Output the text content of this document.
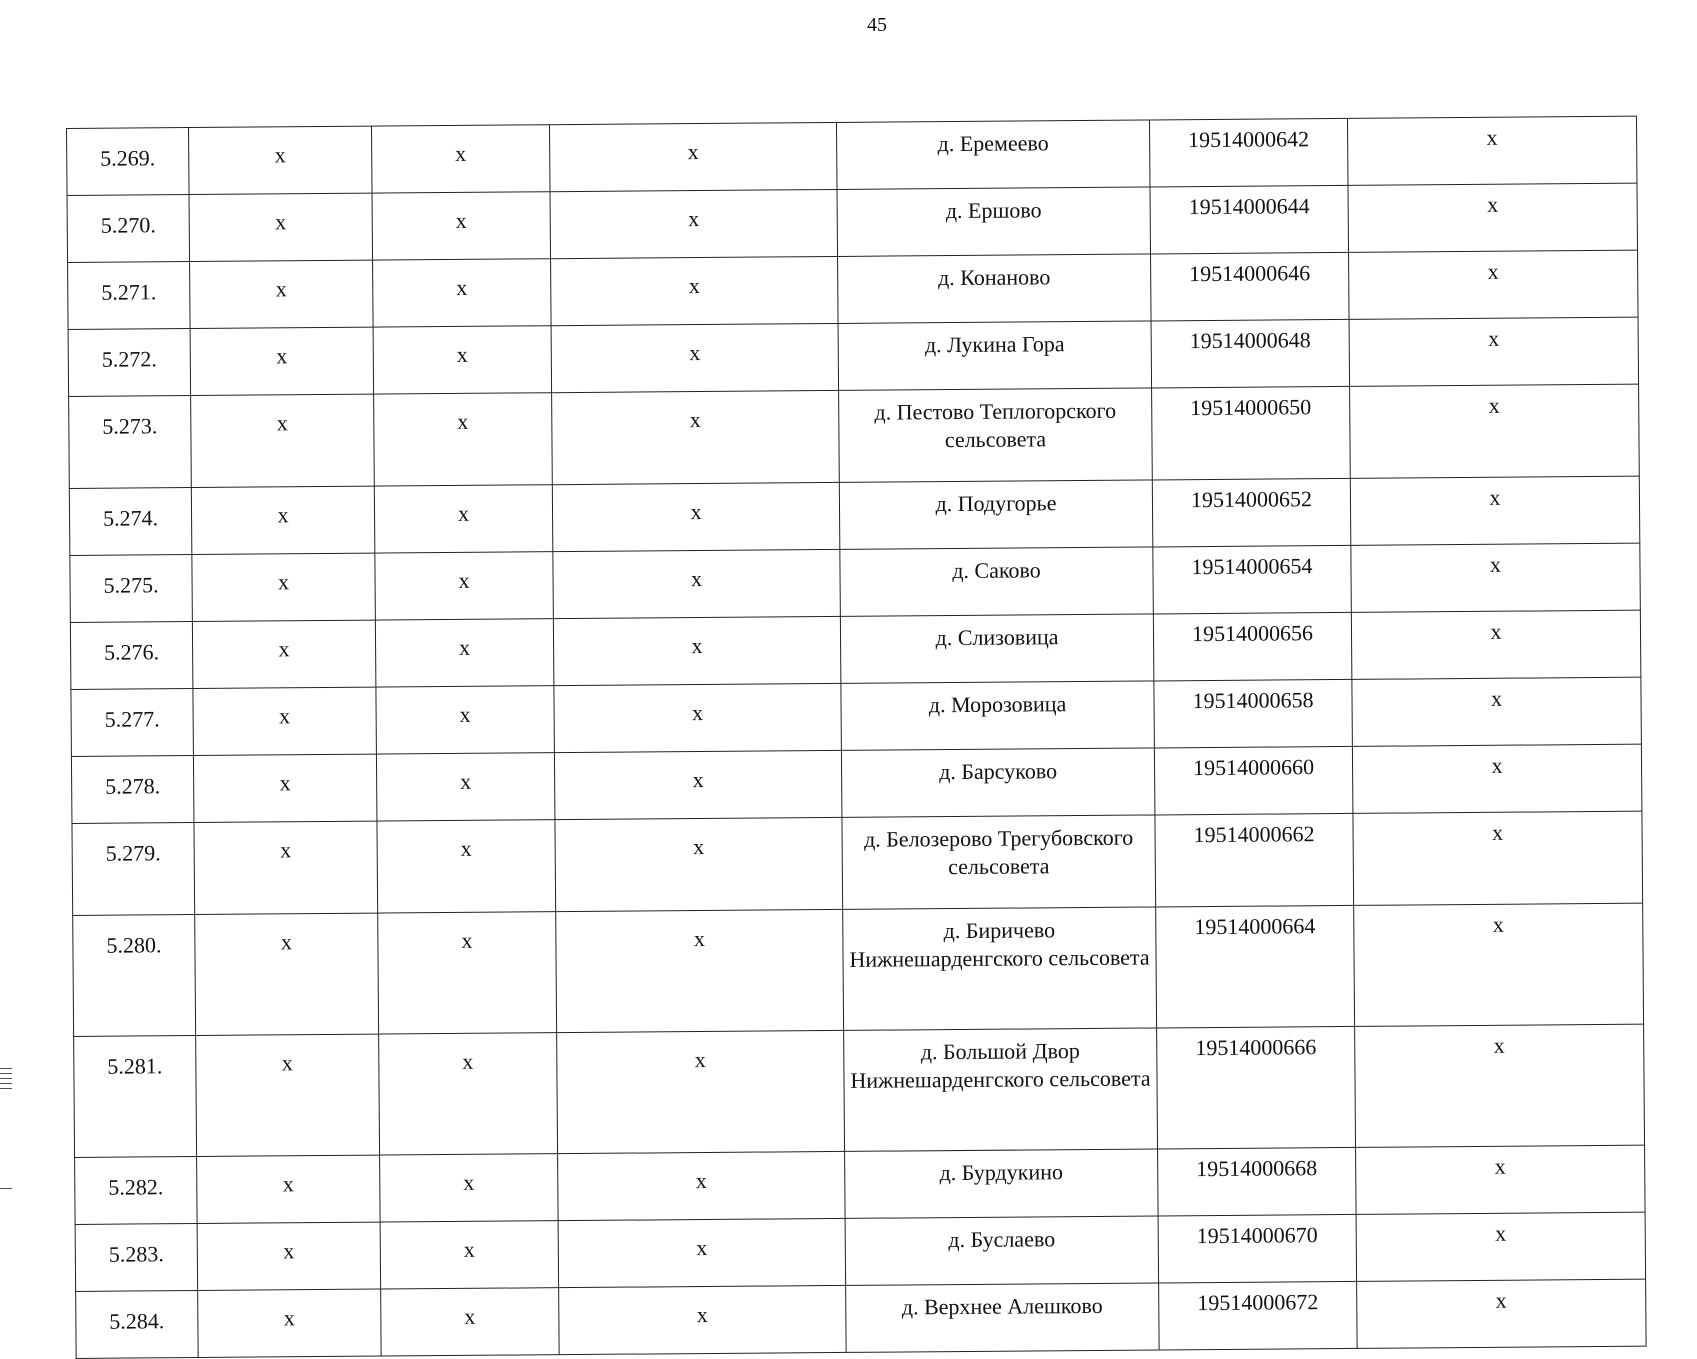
45
5.269.	х	х	х	д. Еремеево	19514000642	х
5.270.	х	х	х	д. Ершово	19514000644	х
5.271.	х	х	х	д. Конаново	19514000646	х
5.272.	х	х	х	д. Лукина Гора	19514000648	х
5.273.	х	х	х	д. Пестово Теплогорского сельсовета	19514000650	х
5.274.	х	х	х	д. Подугорье	19514000652	х
5.275.	х	х	х	д. Саково	19514000654	х
5.276.	х	х	х	д. Слизовица	19514000656	х
5.277.	х	х	х	д. Морозовица	19514000658	х
5.278.	х	х	х	д. Барсуково	19514000660	х
5.279.	х	х	х	д. Белозерово Трегубовского сельсовета	19514000662	х
5.280.	х	х	х	д. Биричево Нижнешарденгского сельсовета	19514000664	х
5.281.	х	х	х	д. Большой Двор Нижнешарденгского сельсовета	19514000666	х
5.282.	х	х	х	д. Бурдукино	19514000668	х
5.283.	х	х	х	д. Буслаево	19514000670	х
5.284.	х	х	х	д. Верхнее Алешково	19514000672	х
